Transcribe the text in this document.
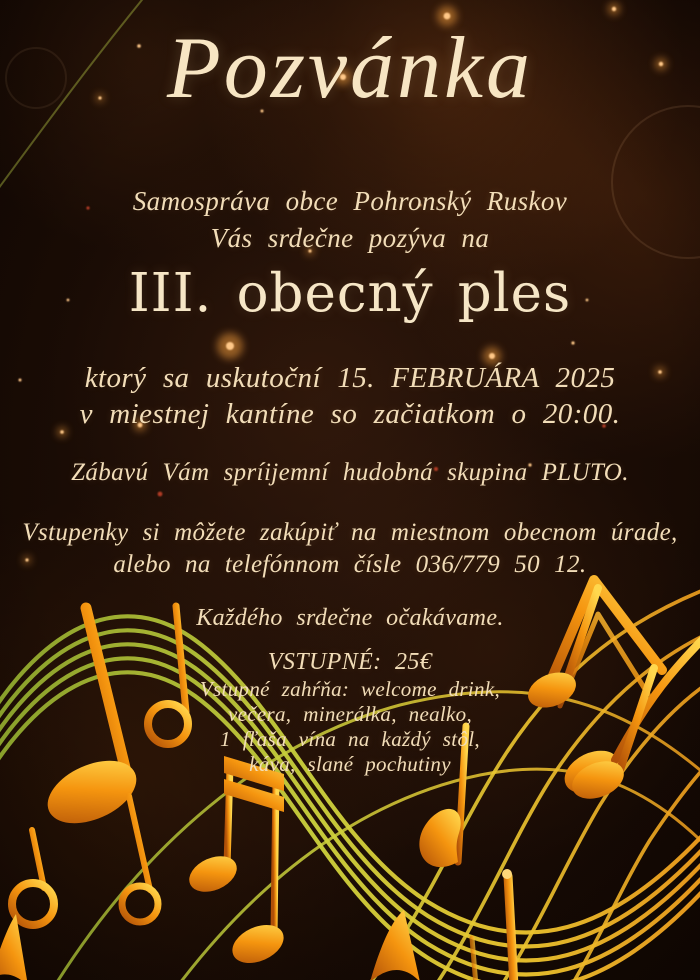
Pozvánka

Samospráva obce Pohronský Ruskov

Vás srdečne pozýva na

III. obecný ples

ktorý sa uskutoční 15. FEBRUÁRA 2025

v miestnej kantíne so začiatkom o 20:00.

Zábavú Vám spríijemní hudobná skupina PLUTO.

Vstupenky si môžete zakúpiť na miestnom obecnom úrade,

alebo na telefónnom čísle 036/779 50 12.

Každého srdečne očakávame.

VSTUPNÉ: 25€

Vstupné zahŕňa: welcome drink,

večera, minerálka, nealko,

1 fľaša vína na každý stôl,

káva, slané pochutiny
